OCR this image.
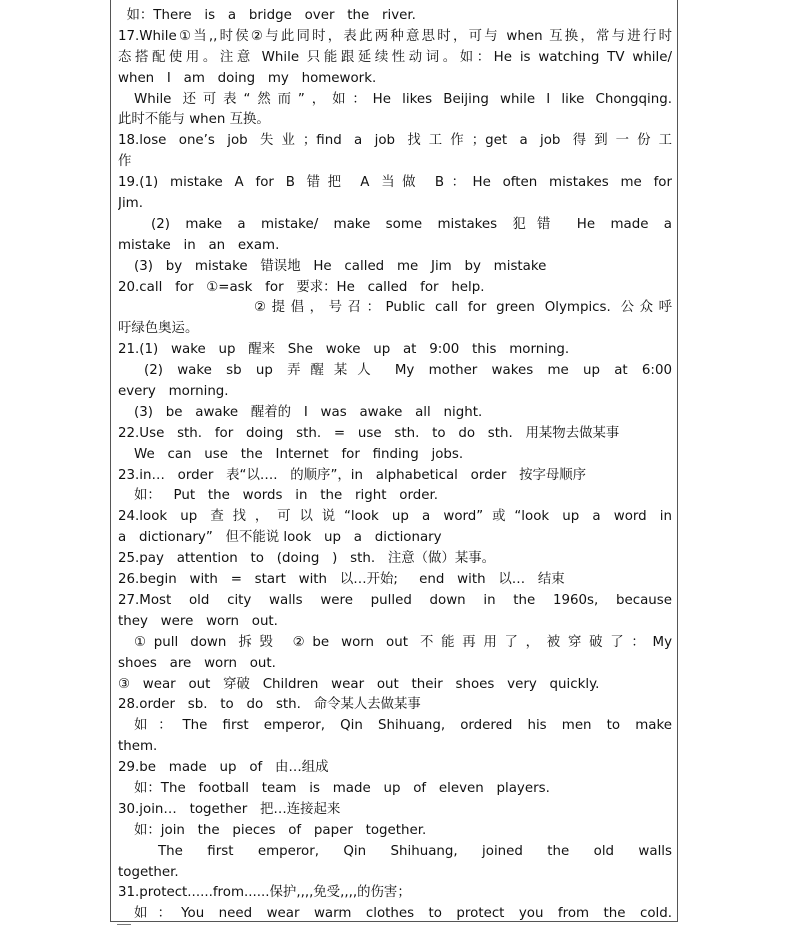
如：There   is   a   bridge   over   the   river.
17.While①当,,时侯②与此同时，表此两种意思时，可与 when 互换，常与进行时
态搭配使用。注意 While 只能跟延续性动词。如：He is watching TV while/
when   I   am   doing   my   homework.
While 还可表“然而”，如：He likes Beijing while I like Chongqing.
此时不能与 when 互换。
18.lose one’s job 失业；find a job 找工作；get a job 得到一份工
作
19.(1) mistake A for B 错把 A 当做 B：He often mistakes me for
Jim.
(2) make a mistake/ make some mistakes 犯错 He made a
mistake   in   an   exam.
(3)   by   mistake   错误地   He   called   me   Jim   by   mistake
20.call   for   ①=ask   for   要求：He   called   for   help.
②提倡，号召：Public call for green Olympics. 公众呼
吁绿色奥运。
21.(1)   wake   up   醒来   She   woke   up   at   9:00   this   morning.
(2) wake sb up 弄醒某人 My mother wakes me up at 6:00
every   morning.
(3)   be   awake   醒着的   I   was   awake   all   night.
22.Use   sth.   for   doing   sth.   =   use   sth.   to   do   sth.   用某物去做某事
We   can   use   the   Internet   for   finding   jobs.
23.in…   order   表“以….   的顺序”，in   alphabetical   order   按字母顺序
如：   Put   the   words   in   the   right   order.
24.look up 查找，可以说“look up a word”或“look up a word in
a   dictionary”   但不能说 look   up   a   dictionary
25.pay   attention   to   (doing   )   sth.   注意（做）某事。
26.begin   with   =   start   with   以…开始;     end   with   以…   结束
27.Most old city walls were pulled down in the 1960s, because
they   were   worn   out.
①pull down 拆毁 ②be worn out 不能再用了，被穿破了：My
shoes   are   worn   out.
③   wear   out   穿破   Children   wear   out   their   shoes   very   quickly.
28.order   sb.   to   do   sth.   命令某人去做某事
如：The first emperor, Qin Shihuang, ordered his men to make
them.
29.be   made   up   of   由…组成
如：The   football   team   is   made   up   of   eleven   players.
30.join…   together   把…连接起来
如：join   the   pieces   of   paper   together.
The first emperor, Qin Shihuang, joined the old walls
together.
31.protect......from......保护,,,,免受,,,,的伤害；
如：You need wear warm clothes to protect you from the cold.
